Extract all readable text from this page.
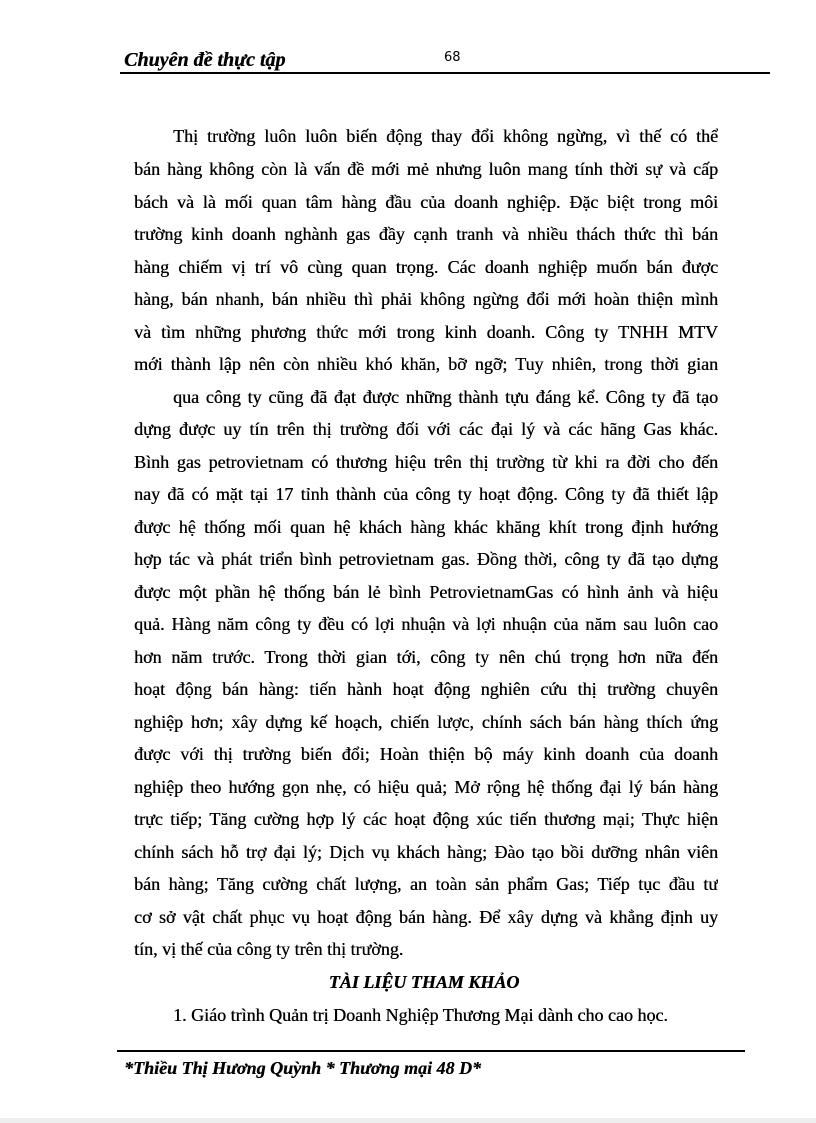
Chuyên đề thực tập	68
Thị trường luôn luôn biến động thay đổi không ngừng, vì thế có thể
bán hàng không còn là vấn đề mới mẻ nhưng luôn mang tính thời sự và cấp
bách và là mối quan tâm hàng đầu của doanh nghiệp. Đặc biệt trong môi
trường kinh doanh nghành gas đầy cạnh tranh và nhiều thách thức thì bán
hàng chiếm vị trí vô cùng quan trọng. Các doanh nghiệp muốn bán được
hàng, bán nhanh, bán nhiều thì phải không ngừng đổi mới hoàn thiện mình
và tìm những phương thức mới trong kinh doanh. Công ty TNHH MTV
mới thành lập nên còn nhiều khó khăn, bỡ ngỡ; Tuy nhiên, trong thời gian
qua công ty cũng đã đạt được những thành tựu đáng kể. Công ty đã tạo
dựng được uy tín trên thị trường đối với các đại lý và các hãng Gas khác.
Bình gas petrovietnam có thương hiệu trên thị trường từ khi ra đời cho đến
nay đã có mặt tại 17 tỉnh thành của công ty hoạt động. Công ty đã thiết lập
được hệ thống mối quan hệ khách hàng khác khăng khít trong định hướng
hợp tác và phát triển bình petrovietnam gas. Đồng thời, công ty đã tạo dựng
được một phần hệ thống bán lẻ bình PetrovietnamGas có hình ảnh và hiệu
quả. Hàng năm công ty đều có lợi nhuận và lợi nhuận của năm sau luôn cao
hơn năm trước. Trong thời gian tới, công ty nên chú trọng hơn nữa đến
hoạt động bán hàng: tiến hành hoạt động nghiên cứu thị trường chuyên
nghiệp hơn; xây dựng kế hoạch, chiến lược, chính sách bán hàng thích ứng
được với thị trường biến đổi; Hoàn thiện bộ máy kinh doanh của doanh
nghiệp theo hướng gọn nhẹ, có hiệu quả; Mở rộng hệ thống đại lý bán hàng
trực tiếp; Tăng cường hợp lý các hoạt động xúc tiến thương mại; Thực hiện
chính sách hỗ trợ đại lý; Dịch vụ khách hàng; Đào tạo bồi dưỡng nhân viên
bán hàng; Tăng cường chất lượng, an toàn sản phẩm Gas; Tiếp tục đầu tư
cơ sở vật chất phục vụ hoạt động bán hàng. Để xây dựng và khẳng định uy
tín, vị thế của công ty trên thị trường.
TÀI LIỆU THAM KHẢO
1. Giáo trình Quản trị Doanh Nghiệp Thương Mại dành cho cao học.
*Thiều Thị Hương Quỳnh * Thương mại 48 D*
